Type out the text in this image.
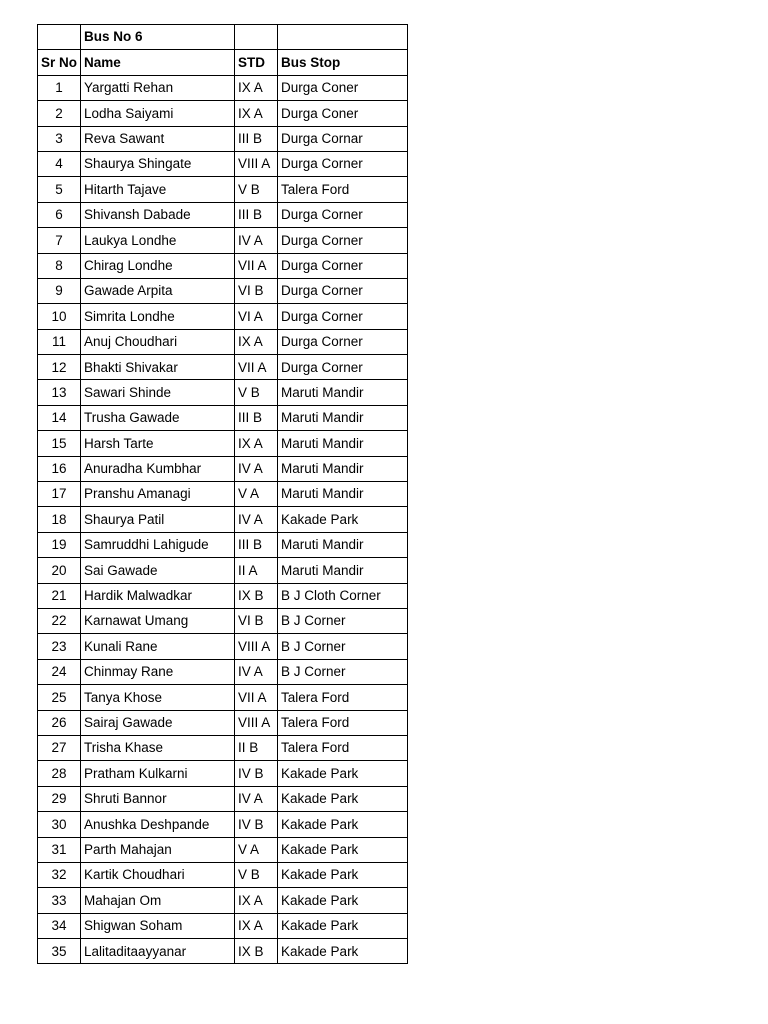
	Bus No 6		
Sr No	Name	STD	Bus Stop
1	Yargatti Rehan	IX A	Durga Coner
2	Lodha Saiyami	IX A	Durga Coner
3	Reva Sawant	III B	Durga Cornar
4	Shaurya Shingate	VIII A	Durga Corner
5	Hitarth Tajave	V B	Talera Ford
6	Shivansh Dabade	III B	Durga Corner
7	Laukya Londhe	IV A	Durga Corner
8	Chirag Londhe	VII A	Durga Corner
9	Gawade Arpita	VI B	Durga Corner
10	Simrita Londhe	VI A	Durga Corner
11	Anuj Choudhari	IX A	Durga Corner
12	Bhakti Shivakar	VII A	Durga Corner
13	Sawari Shinde	V B	Maruti Mandir
14	Trusha Gawade	III B	Maruti Mandir
15	Harsh Tarte	IX A	Maruti Mandir
16	Anuradha Kumbhar	IV A	Maruti Mandir
17	Pranshu Amanagi	V A	Maruti Mandir
18	Shaurya Patil	IV A	Kakade Park
19	Samruddhi Lahigude	III B	Maruti Mandir
20	Sai Gawade	II A	Maruti Mandir
21	Hardik Malwadkar	IX B	B J Cloth Corner
22	Karnawat Umang	VI B	B J Corner
23	Kunali Rane	VIII A	B J Corner
24	Chinmay Rane	IV A	B J Corner
25	Tanya Khose	VII A	Talera Ford
26	Sairaj Gawade	VIII A	Talera Ford
27	Trisha Khase	II B	Talera Ford
28	Pratham Kulkarni	IV B	Kakade Park
29	Shruti Bannor	IV A	Kakade Park
30	Anushka Deshpande	IV B	Kakade Park
31	Parth Mahajan	V A	Kakade Park
32	Kartik Choudhari	V B	Kakade Park
33	Mahajan Om	IX A	Kakade Park
34	Shigwan Soham	IX A	Kakade Park
35	Lalitaditaayyanar	IX B	Kakade Park
